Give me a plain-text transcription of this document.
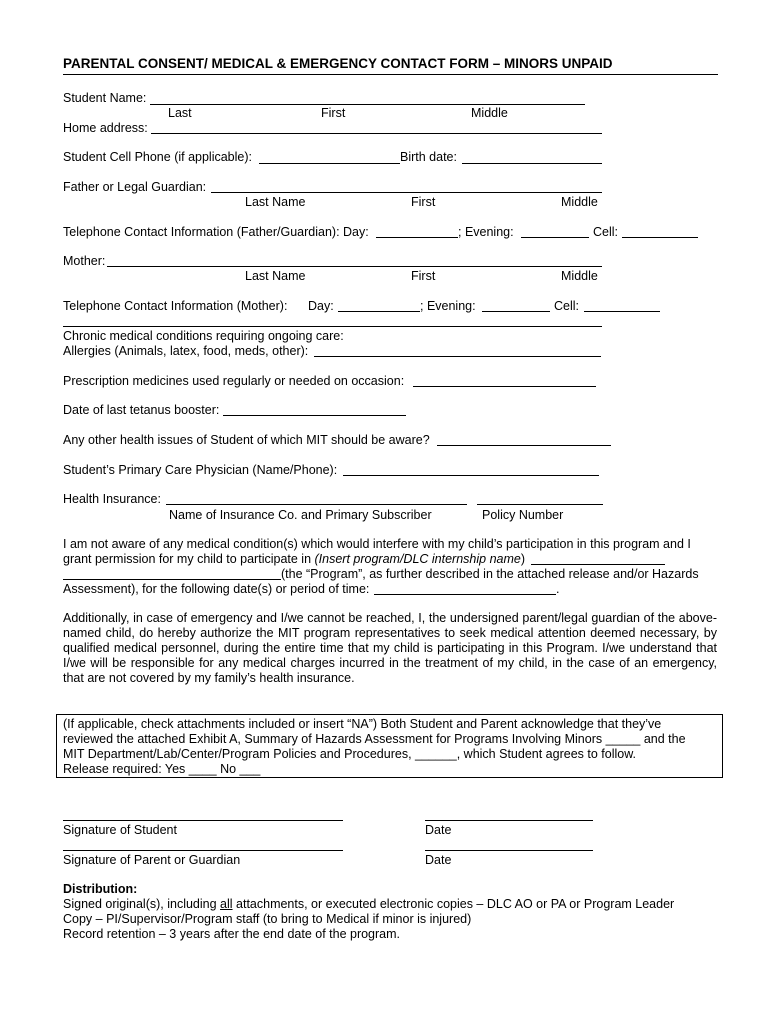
PARENTAL CONSENT/ MEDICAL & EMERGENCY CONTACT FORM – MINORS UNPAID
Student Name:
Last	First	Middle
Home address:
Student Cell Phone (if applicable):	Birth date:
Father or Legal Guardian:
Last Name	First	Middle
Telephone Contact Information (Father/Guardian): Day:	; Evening:	Cell:
Mother:
Last Name	First	Middle
Telephone Contact Information (Mother): Day:	; Evening:	Cell:
Chronic medical conditions requiring ongoing care:
Allergies (Animals, latex, food, meds, other):
Prescription medicines used regularly or needed on occasion:
Date of last tetanus booster:
Any other health issues of Student of which MIT should be aware?
Student’s Primary Care Physician (Name/Phone):
Health Insurance:
Name of Insurance Co. and Primary Subscriber	Policy Number
I am not aware of any medical condition(s) which would interfere with my child’s participation in this program and I
grant permission for my child to participate in (Insert program/DLC internship name)
(the “Program”, as further described in the attached release and/or Hazards
Assessment), for the following date(s) or period of time:	.
Additionally, in case of emergency and I/we cannot be reached, I, the undersigned parent/legal guardian of the above-named child, do hereby authorize the MIT program representatives to seek medical attention deemed necessary, by qualified medical personnel, during the entire time that my child is participating in this Program. I/we understand that I/we will be responsible for any medical charges incurred in the treatment of my child, in the case of an emergency, that are not covered by my family’s health insurance.
(If applicable, check attachments included or insert “NA”) Both Student and Parent acknowledge that they’ve
reviewed the attached Exhibit A, Summary of Hazards Assessment for Programs Involving Minors _____ and the
MIT Department/Lab/Center/Program Policies and Procedures, ______, which Student agrees to follow.
Release required: Yes ____ No ___
Signature of Student	Date
Signature of Parent or Guardian	Date
Distribution:
Signed original(s), including all attachments, or executed electronic copies – DLC AO or PA or Program Leader
Copy – PI/Supervisor/Program staff (to bring to Medical if minor is injured)
Record retention – 3 years after the end date of the program.
